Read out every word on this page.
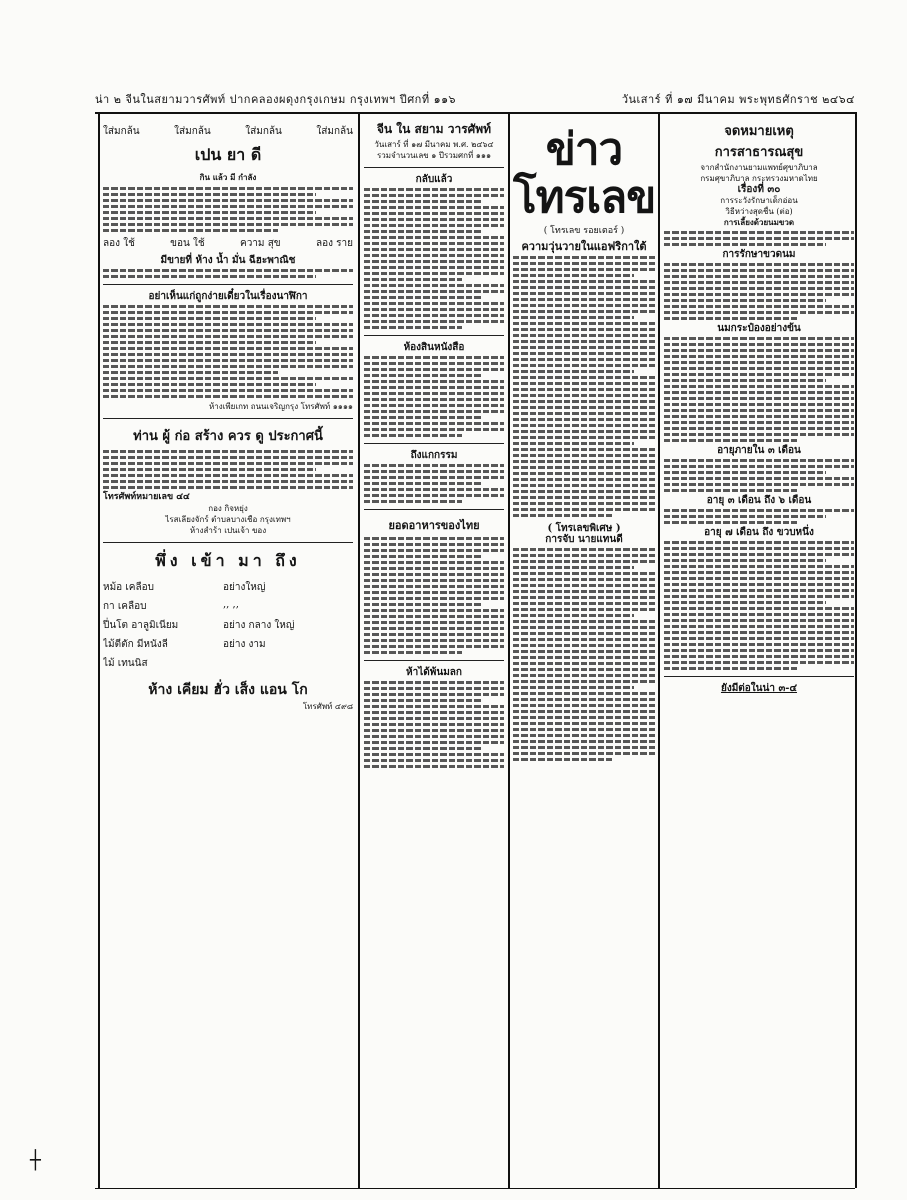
น่า ๒ จีนในสยามวารศัพท์ ปากคลองผดุงกรุงเกษม กรุงเทพฯ ปีศกที่ ๑๑๖	วันเสาร์ ที่ ๑๗ มีนาคม พระพุทธศักราช ๒๔๖๔
ใส่มกล้น	ใส่มกล้น	ใส่มกล้น	ใส่มกล้น
เปน ยา ดี
กิน แล้ว มี กำลัง
ลอง ใช้	ขอน ใช้	ความ สุข	ลอง ราย
มีขายที่ ห้าง น้ำ มั่น ฉีฮะพาณิช
อย่าเห็นแก่ถูกง่ายเดี๋ยวในเรื่องนาฬิกา
ห้างเพียเกท ถนนเจริญกรุง โทรศัพท์ ๑๑๑๑
ท่าน ผู้ ก่อ สร้าง ควร ดู ประกาศนี้
โทรศัพท์หมายเลข ๔๔
กอง กิจหยุ่ง
ไรสเลียงจักร์ ตำบลบางเชือ กรุงเทพฯ
ห้างสำร้า เปนเจ้า ของ
พึ่ง เข้า มา ถึง
หม้อ เคลือบ	อย่างใหญ่
กา เคลือบ	,, ,,
ปี่นโต อาลูมิเนียม	อย่าง กลาง ใหญ่
ไม้ตีตัก มีหนังลี	อย่าง งาม
ไม้ เทนนิส
ห้าง เคียม ฮั่ว เส็ง แอน โก
โทรศัพท์ ๔๙๘
จีน ใน สยาม วารศัพท์
วันเสาร์ ที่ ๑๗ มีนาคม พ.ศ. ๒๔๖๔
รวมจำนวนเลข ๑ ปีรวมศกที่ ๑๑๑
กลับแล้ว
ห้องสินหนังสือ
ถึงแกกรรม
ยอดอาหารของไทย
ห้าได้พ้นมลก
ข่าวโทรเลข
( โทรเลข รอยเตอร์ )
ความวุ่นวายในแอฟริกาใต้
( โทรเลขพิเศษ )
การจับ นายแทนดี
จดหมายเหตุ
การสาธารณสุข
จากสำนักงานยามแพทย์ศุขาภิบาล
กรมศุขาภิบาล กระทรวงมหาดไทย
เรื่องที่ ๓๐
การระวังรักษาเด็กอ่อน
วิธีหว่างสุดชื่น (ต่อ)
การเลี้ยงด้วยนมขวด
การรักษาขวดนม
นมกระป๋องอย่างข้น
อายุภายใน ๓ เดือน
อายุ ๓ เดือน ถึง ๖ เดือน
อายุ ๗ เดือน ถึง ขวบหนึ่ง
ยังมีต่อในน่า ๓-๔
┼
